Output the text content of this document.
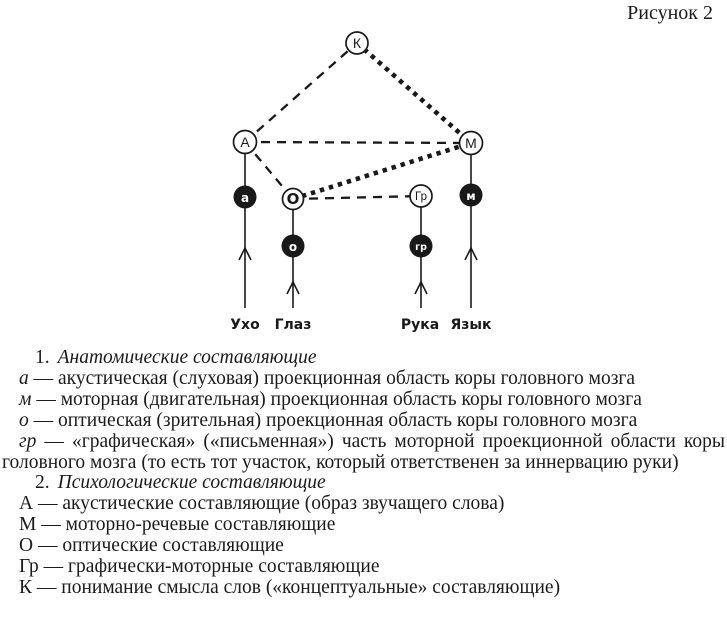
Рисунок 2
К
А	М
О	Гр
а
о	гр
м
Ухо Глаз	Рука Язык

1. Анатомические составляющие

а — акустическая (слуховая) проекционная область коры головного мозга

м — моторная (двигательная) проекционная область коры головного мозга

о — оптическая (зрительная) проекционная область коры головного мозга

гр — «графическая» («письменная») часть моторной проекционной области коры головного мозга (то есть тот участок, который ответственен за иннервацию руки)

2. Психологические составляющие

А — акустические составляющие (образ звучащего слова)

М — моторно-речевые составляющие

О — оптические составляющие

Гр — графически-моторные составляющие

К — понимание смысла слов («концептуальные» составляющие)
